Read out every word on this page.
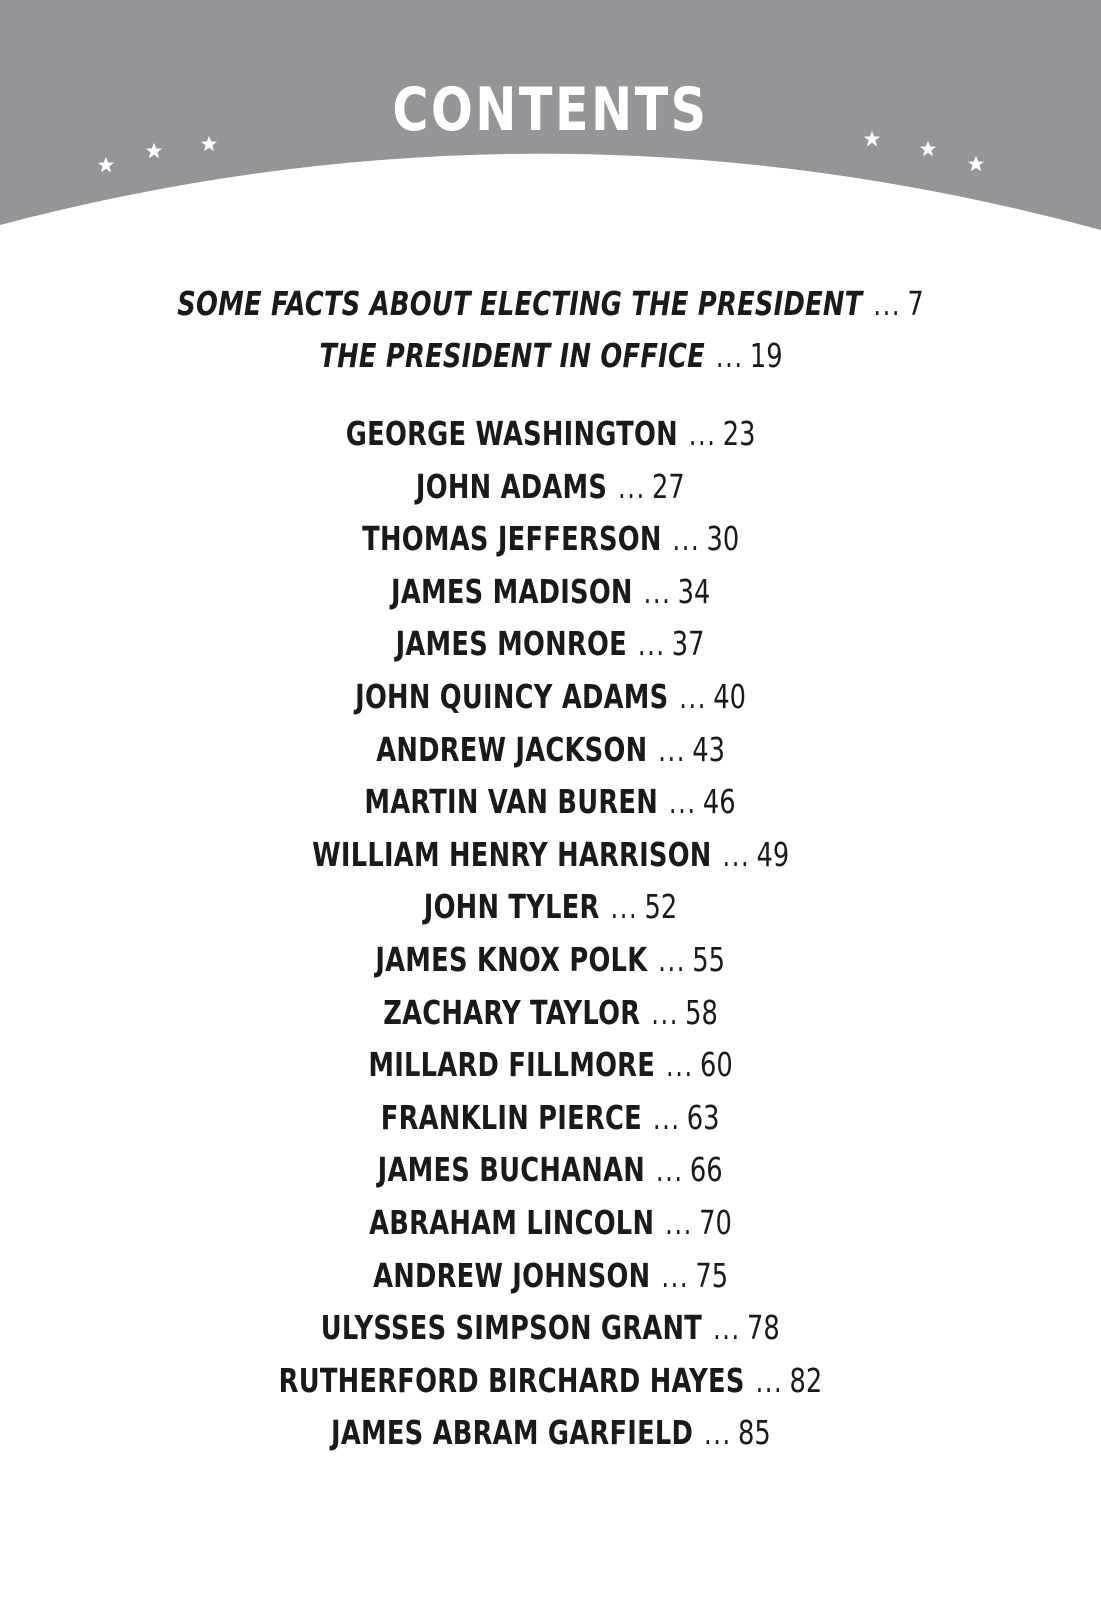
CONTENTS
SOME FACTS ABOUT ELECTING THE PRESIDENT ... 7
THE PRESIDENT IN OFFICE ... 19
GEORGE WASHINGTON ... 23
JOHN ADAMS ... 27
THOMAS JEFFERSON ... 30
JAMES MADISON ... 34
JAMES MONROE ... 37
JOHN QUINCY ADAMS ... 40
ANDREW JACKSON ... 43
MARTIN VAN BUREN ... 46
WILLIAM HENRY HARRISON ... 49
JOHN TYLER ... 52
JAMES KNOX POLK ... 55
ZACHARY TAYLOR ... 58
MILLARD FILLMORE ... 60
FRANKLIN PIERCE ... 63
JAMES BUCHANAN ... 66
ABRAHAM LINCOLN ... 70
ANDREW JOHNSON ... 75
ULYSSES SIMPSON GRANT ... 78
RUTHERFORD BIRCHARD HAYES ... 82
JAMES ABRAM GARFIELD ... 85
